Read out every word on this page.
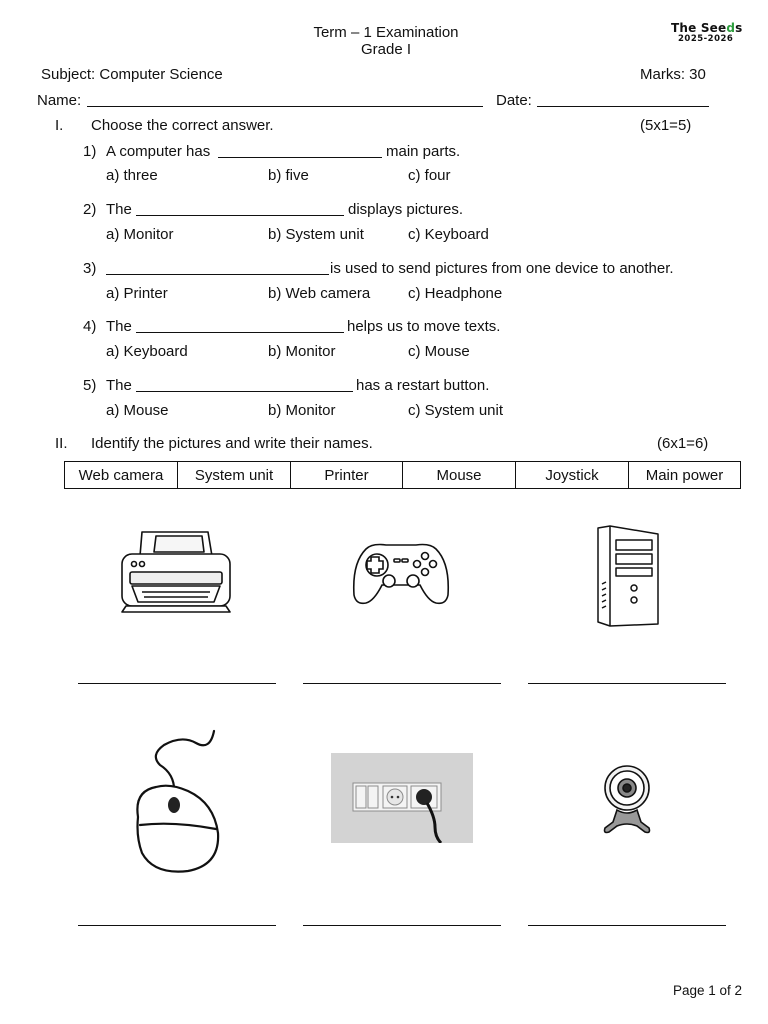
Term – 1 Examination
Grade I
The Seeds
2025-2026
Subject: Computer Science	Marks: 30
Name:	Date:
I. Choose the correct answer.	(5x1=5)
1) A computer has	main parts.
a) three	b) five	c) four
2) The	displays pictures.
a) Monitor	b) System unit	c) Keyboard
3)	is used to send pictures from one device to another.
a) Printer	b) Web camera	c) Headphone
4) The	helps us to move texts.
a) Keyboard	b) Monitor	c) Mouse
5) The	has a restart button.
a) Mouse	b) Monitor	c) System unit
II. Identify the pictures and write their names.	(6x1=6)
Web camera	System unit	Printer	Mouse	Joystick	Main power
Page 1 of 2
